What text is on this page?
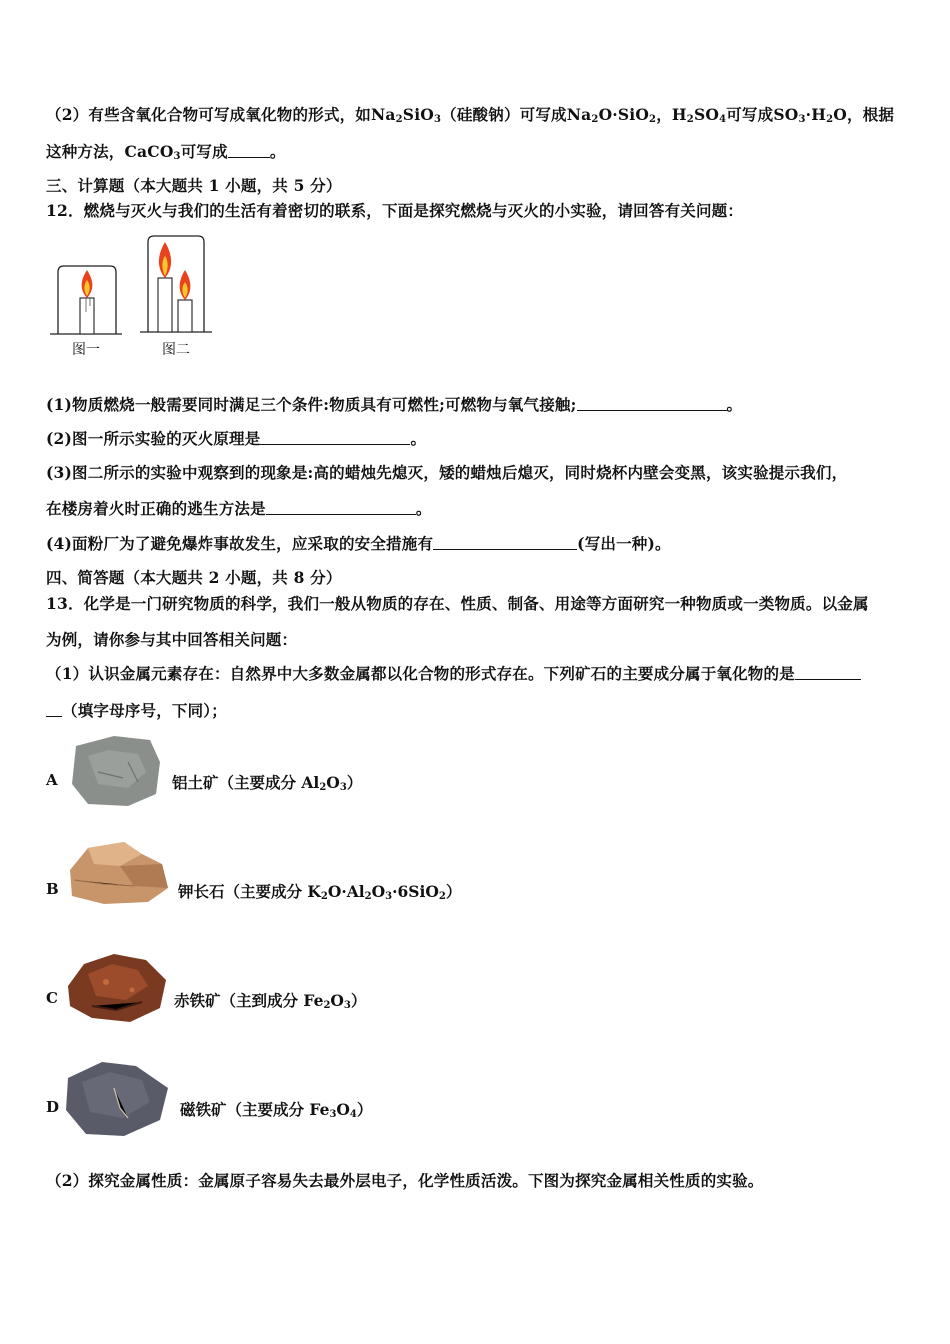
（2）有些含氧化合物可写成氧化物的形式，如$Na_2SiO_3$（硅酸钠）可写成$Na_2O\cdot SiO_2$，$H_2SO_4$可写成$SO_3\cdot H_2O$，根据
这种方法，CaCO$_3$可写成	。
三、计算题（本大题共 1 小题，共 5 分）
12．燃烧与灭火与我们的生活有着密切的联系，下面是探究燃烧与灭火的小实验，请回答有关问题：
图一	图二
(1)物质燃烧一般需要同时满足三个条件:物质具有可燃性;可燃物与氧气接触;	。
(2)图一所示实验的灭火原理是	。
(3)图二所示的实验中观察到的现象是:高的蜡烛先熄灭，矮的蜡烛后熄灭，同时烧杯内壁会变黑，该实验提示我们，
在楼房着火时正确的逃生方法是	。
(4)面粉厂为了避免爆炸事故发生，应采取的安全措施有	(写出一种)。
四、简答题（本大题共 2 小题，共 8 分）
13．化学是一门研究物质的科学，我们一般从物质的存在、性质、制备、用途等方面研究一种物质或一类物质。以金属
为例，请你参与其中回答相关问题：
（1）认识金属元素存在：自然界中大多数金属都以化合物的形式存在。下列矿石的主要成分属于氧化物的是
（填字母序号，下同）；
A	铝土矿（主要成分 $Al_2O_3$）
B	钾长石（主要成分 $K_2O\cdot Al_2O_3\cdot 6SiO_2$）
C	赤铁矿（主到成分 $Fe_2O_3$）
D	磁铁矿（主要成分 $Fe_3O_4$）
（2）探究金属性质：金属原子容易失去最外层电子，化学性质活泼。下图为探究金属相关性质的实验。
